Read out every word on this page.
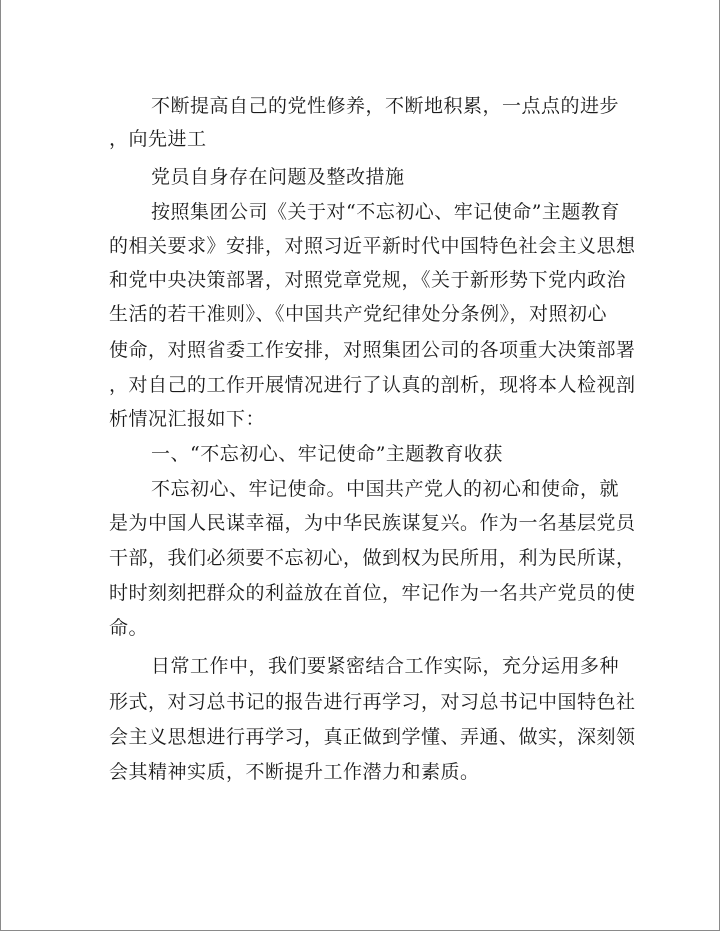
不断提高自己的党性修养，不断地积累，一点点的进步
，向先进工
党员自身存在问题及整改措施
按照集团公司《关于对“不忘初心、牢记使命”主题教育
的相关要求》安排，对照习近平新时代中国特色社会主义思想
和党中央决策部署，对照党章党规，《关于新形势下党内政治
生活的若干准则》、《中国共产党纪律处分条例》，对照初心
使命，对照省委工作安排，对照集团公司的各项重大决策部署
，对自己的工作开展情况进行了认真的剖析，现将本人检视剖
析情况汇报如下：
一、“不忘初心、牢记使命”主题教育收获
不忘初心、牢记使命。中国共产党人的初心和使命，就
是为中国人民谋幸福，为中华民族谋复兴。作为一名基层党员
干部，我们必须要不忘初心，做到权为民所用，利为民所谋，
时时刻刻把群众的利益放在首位，牢记作为一名共产党员的使
命。
日常工作中，我们要紧密结合工作实际，充分运用多种
形式，对习总书记的报告进行再学习，对习总书记中国特色社
会主义思想进行再学习，真正做到学懂、弄通、做实，深刻领
会其精神实质，不断提升工作潜力和素质。
